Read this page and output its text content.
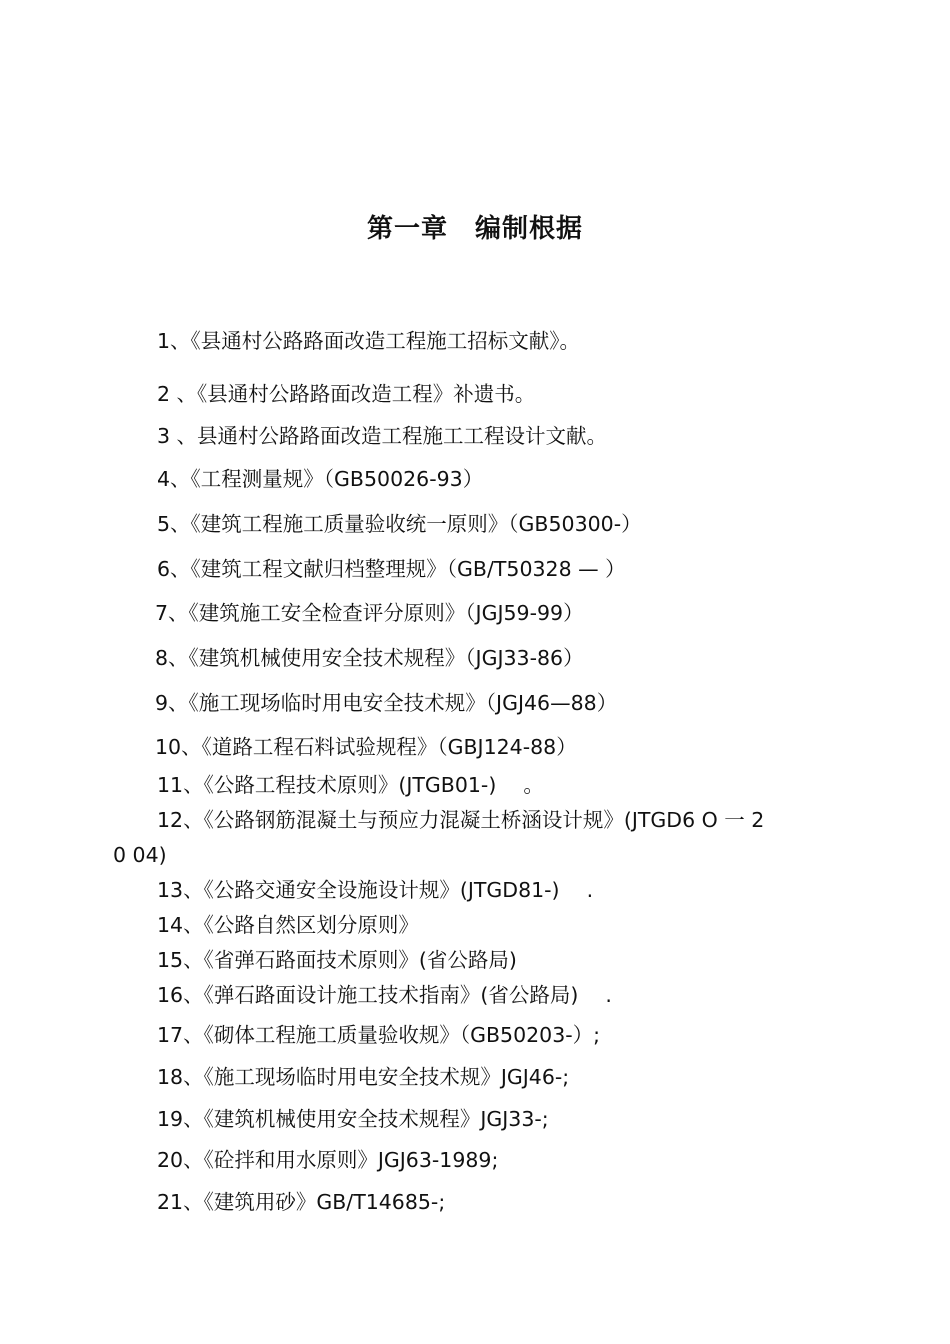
第一章　编制根据
1、《县通村公路路面改造工程施工招标文献》。
2 、《县通村公路路面改造工程》补遗书。
3 、县通村公路路面改造工程施工工程设计文献。
4、《工程测量规》（GB50026-93）
5、《建筑工程施工质量验收统一原则》（GB50300-）
6、《建筑工程文献归档整理规》（GB/T50328 — ）
7、《建筑施工安全检查评分原则》（JGJ59-99）
8、《建筑机械使用安全技术规程》（JGJ33-86）
9、《施工现场临时用电安全技术规》（JGJ46—88）
10、《道路工程石料试验规程》（GBJ124-88）
11、《公路工程技术原则》(JTGB01-)　 。
12、《公路钢筋混凝土与预应力混凝土桥涵设计规》(JTGD6 O 一 2
0 04)
13、《公路交通安全设施设计规》(JTGD81-)　 .
14、《公路自然区划分原则》
15、《省弹石路面技术原则》(省公路局)
16、《弹石路面设计施工技术指南》(省公路局)　 .
17、《砌体工程施工质量验收规》（GB50203-）;
18、《施工现场临时用电安全技术规》JGJ46-;
19、《建筑机械使用安全技术规程》JGJ33-;
20、《砼拌和用水原则》JGJ63-1989;
21、《建筑用砂》GB/T14685-;
